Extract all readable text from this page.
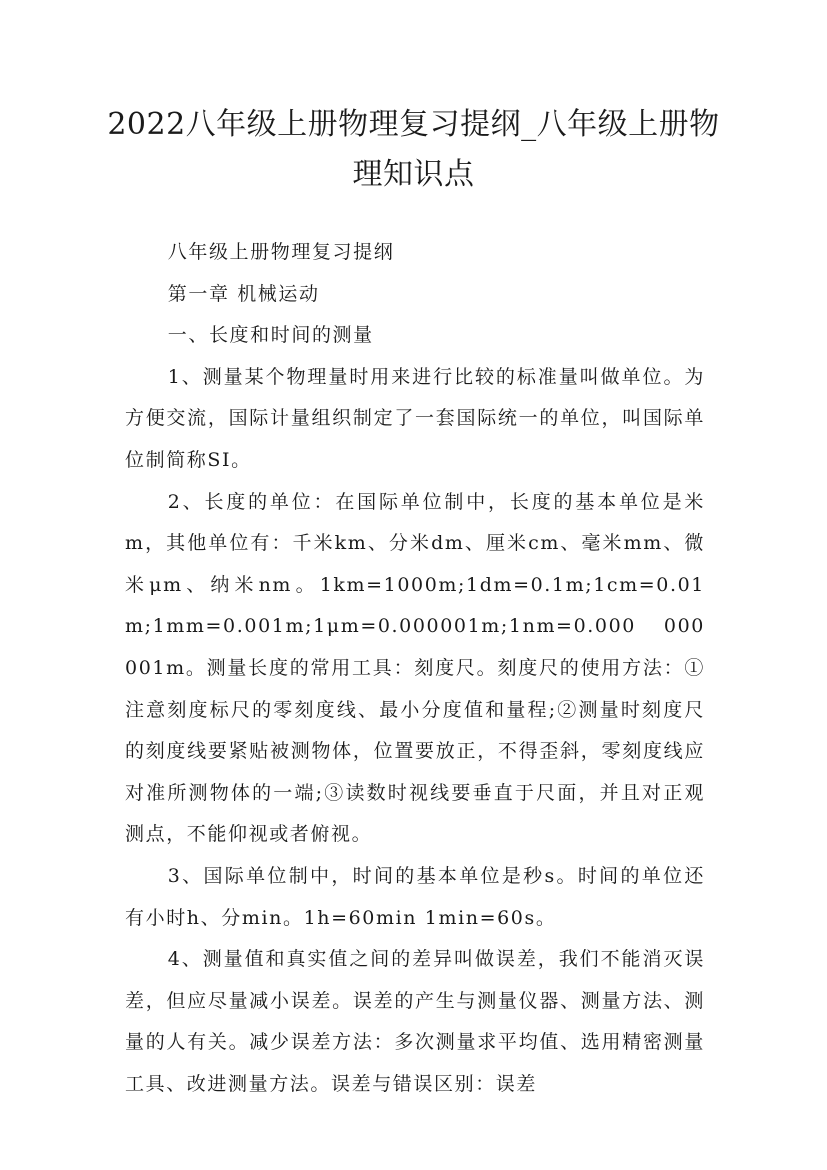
2022八年级上册物理复习提纲_八年级上册物理知识点

八年级上册物理复习提纲

第一章 机械运动

一、长度和时间的测量

1、测量某个物理量时用来进行比较的标准量叫做单位。为方便交流，国际计量组织制定了一套国际统一的单位，叫国际单位制简称SI。

2、长度的单位：在国际单位制中，长度的基本单位是米m，其他单位有：千米km、分米dm、厘米cm、毫米mm、微米μm、纳米nm。1km=1000m;1dm=0.1m;1cm=0.01m;1mm=0.001m;1μm=0.000001m;1nm=0.000 000 001m。测量长度的常用工具：刻度尺。刻度尺的使用方法：①注意刻度标尺的零刻度线、最小分度值和量程;②测量时刻度尺的刻度线要紧贴被测物体，位置要放正，不得歪斜，零刻度线应对准所测物体的一端;③读数时视线要垂直于尺面，并且对正观测点，不能仰视或者俯视。

3、国际单位制中，时间的基本单位是秒s。时间的单位还有小时h、分min。1h=60min 1min=60s。

4、测量值和真实值之间的差异叫做误差，我们不能消灭误差，但应尽量减小误差。误差的产生与测量仪器、测量方法、测量的人有关。减少误差方法：多次测量求平均值、选用精密测量工具、改进测量方法。误差与错误区别：误差
